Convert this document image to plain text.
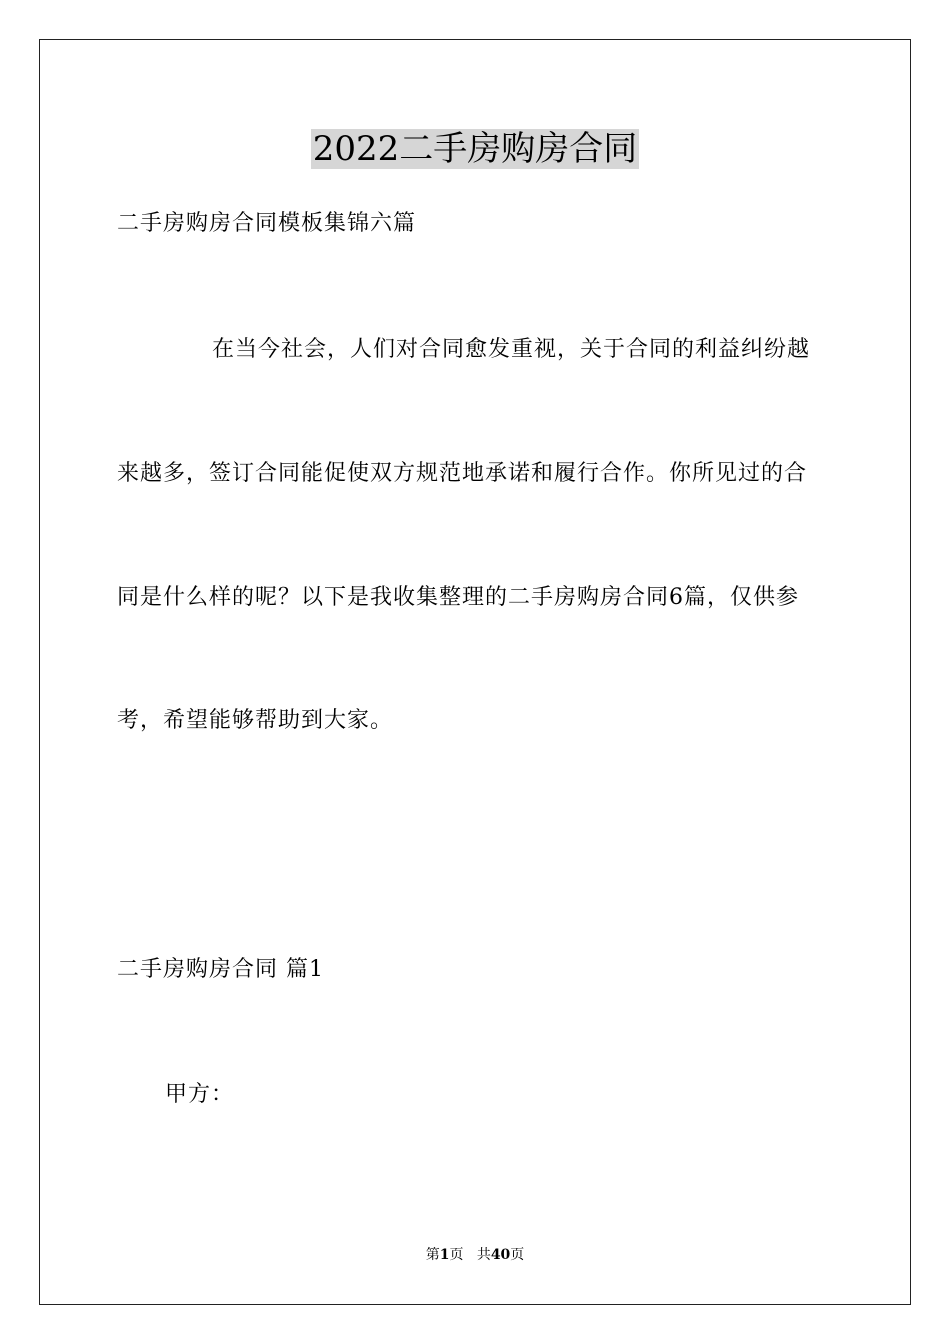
2022二手房购房合同
二手房购房合同模板集锦六篇
在当今社会，人们对合同愈发重视，关于合同的利益纠纷越
来越多，签订合同能促使双方规范地承诺和履行合作。你所见过的合
同是什么样的呢？以下是我收集整理的二手房购房合同6篇，仅供参
考，希望能够帮助到大家。
二手房购房合同 篇1
甲方：
第1页 共40页
